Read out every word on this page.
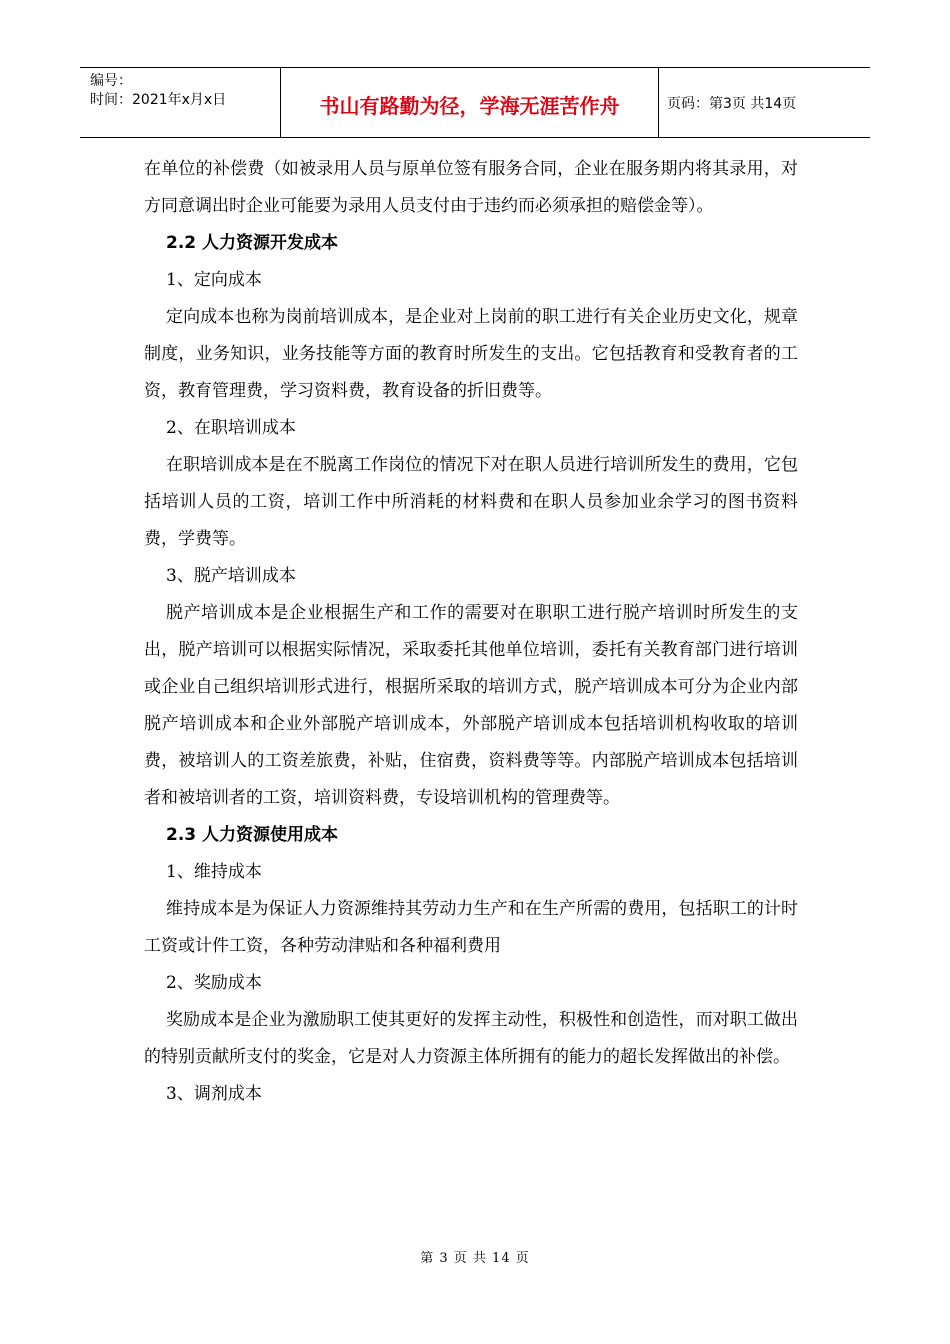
编号：
时间：2021年x月x日	书山有路勤为径，学海无涯苦作舟	页码：第3页 共14页

在单位的补偿费（如被录用人员与原单位签有服务合同，企业在服务期内将其录用，对方同意调出时企业可能要为录用人员支付由于违约而必须承担的赔偿金等）。

2.2 人力资源开发成本

1、定向成本

定向成本也称为岗前培训成本，是企业对上岗前的职工进行有关企业历史文化，规章制度，业务知识，业务技能等方面的教育时所发生的支出。它包括教育和受教育者的工资，教育管理费，学习资料费，教育设备的折旧费等。

2、在职培训成本

在职培训成本是在不脱离工作岗位的情况下对在职人员进行培训所发生的费用，它包括培训人员的工资，培训工作中所消耗的材料费和在职人员参加业余学习的图书资料费，学费等。

3、脱产培训成本

脱产培训成本是企业根据生产和工作的需要对在职职工进行脱产培训时所发生的支出，脱产培训可以根据实际情况，采取委托其他单位培训，委托有关教育部门进行培训或企业自己组织培训形式进行，根据所采取的培训方式，脱产培训成本可分为企业内部脱产培训成本和企业外部脱产培训成本，外部脱产培训成本包括培训机构收取的培训费，被培训人的工资差旅费，补贴，住宿费，资料费等等。内部脱产培训成本包括培训者和被培训者的工资，培训资料费，专设培训机构的管理费等。

2.3 人力资源使用成本

1、维持成本

维持成本是为保证人力资源维持其劳动力生产和在生产所需的费用，包括职工的计时工资或计件工资，各种劳动津贴和各种福利费用

2、奖励成本

奖励成本是企业为激励职工使其更好的发挥主动性，积极性和创造性，而对职工做出的特别贡献所支付的奖金，它是对人力资源主体所拥有的能力的超长发挥做出的补偿。

3、调剂成本

第 3 页 共 14 页
